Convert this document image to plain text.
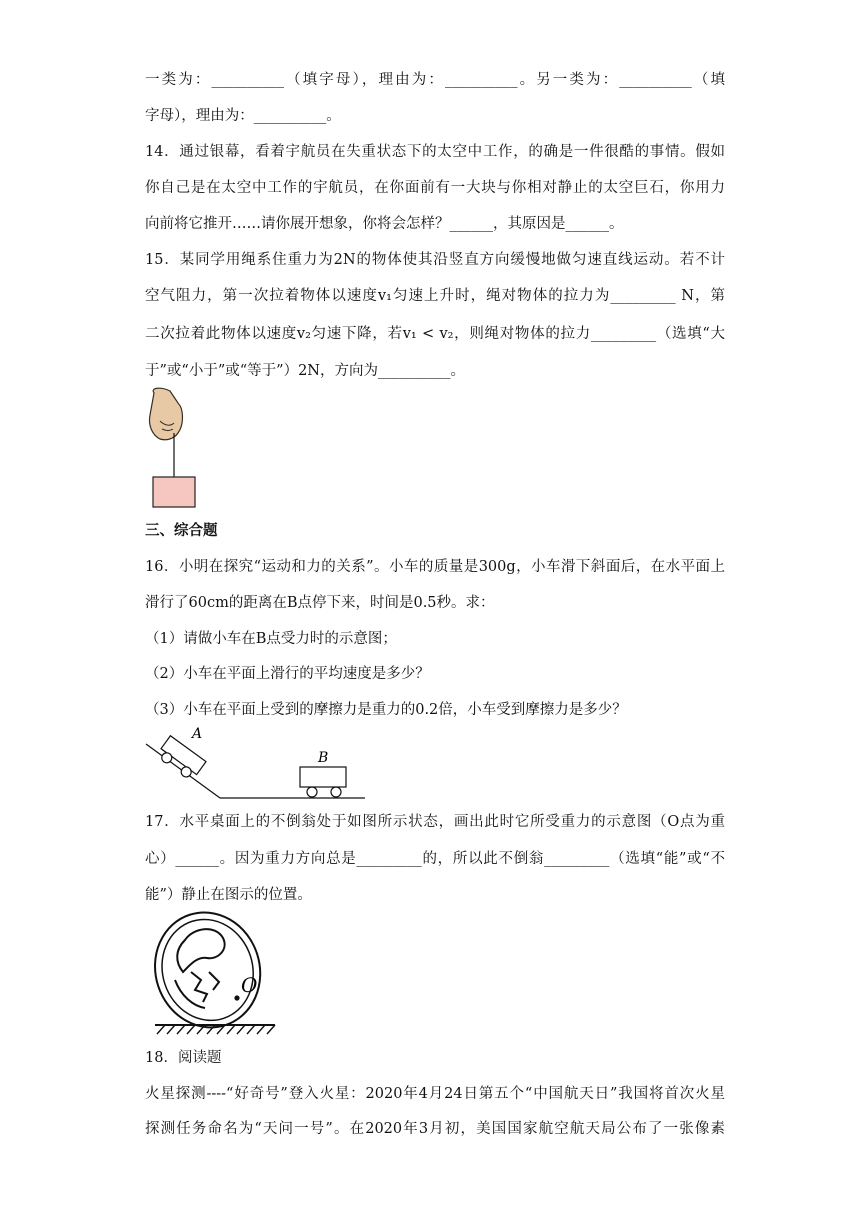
一类为：__________（填字母），理由为：__________。另一类为：__________（填
字母），理由为：__________。
14．通过银幕，看着宇航员在失重状态下的太空中工作，的确是一件很酷的事情。假如
你自己是在太空中工作的宇航员，在你面前有一大块与你相对静止的太空巨石，你用力
向前将它推开……请你展开想象，你将会怎样？______，其原因是______。
15．某同学用绳系住重力为2N的物体使其沿竖直方向缓慢地做匀速直线运动。若不计
空气阻力，第一次拉着物体以速度v₁匀速上升时，绳对物体的拉力为_________ N，第
二次拉着此物体以速度v₂匀速下降，若v₁ < v₂，则绳对物体的拉力_________（选填“大
于”或“小于”或“等于”）2N，方向为__________。
三、综合题
16．小明在探究“运动和力的关系”。小车的质量是300g，小车滑下斜面后，在水平面上
滑行了60cm的距离在B点停下来，时间是0.5秒。求：
（1）请做小车在B点受力时的示意图；
（2）小车在平面上滑行的平均速度是多少？
（3）小车在平面上受到的摩擦力是重力的0.2倍，小车受到摩擦力是多少？
A
B
17．水平桌面上的不倒翁处于如图所示状态，画出此时它所受重力的示意图（O点为重
心）______。因为重力方向总是_________的，所以此不倒翁_________（选填“能”或“不
能”）静止在图示的位置。
O
18．阅读题
火星探测----“好奇号”登入火星：2020年4月24日第五个“中国航天日”我国将首次火星
探测任务命名为“天问一号”。在2020年3月初，美国国家航空航天局公布了一张像素
